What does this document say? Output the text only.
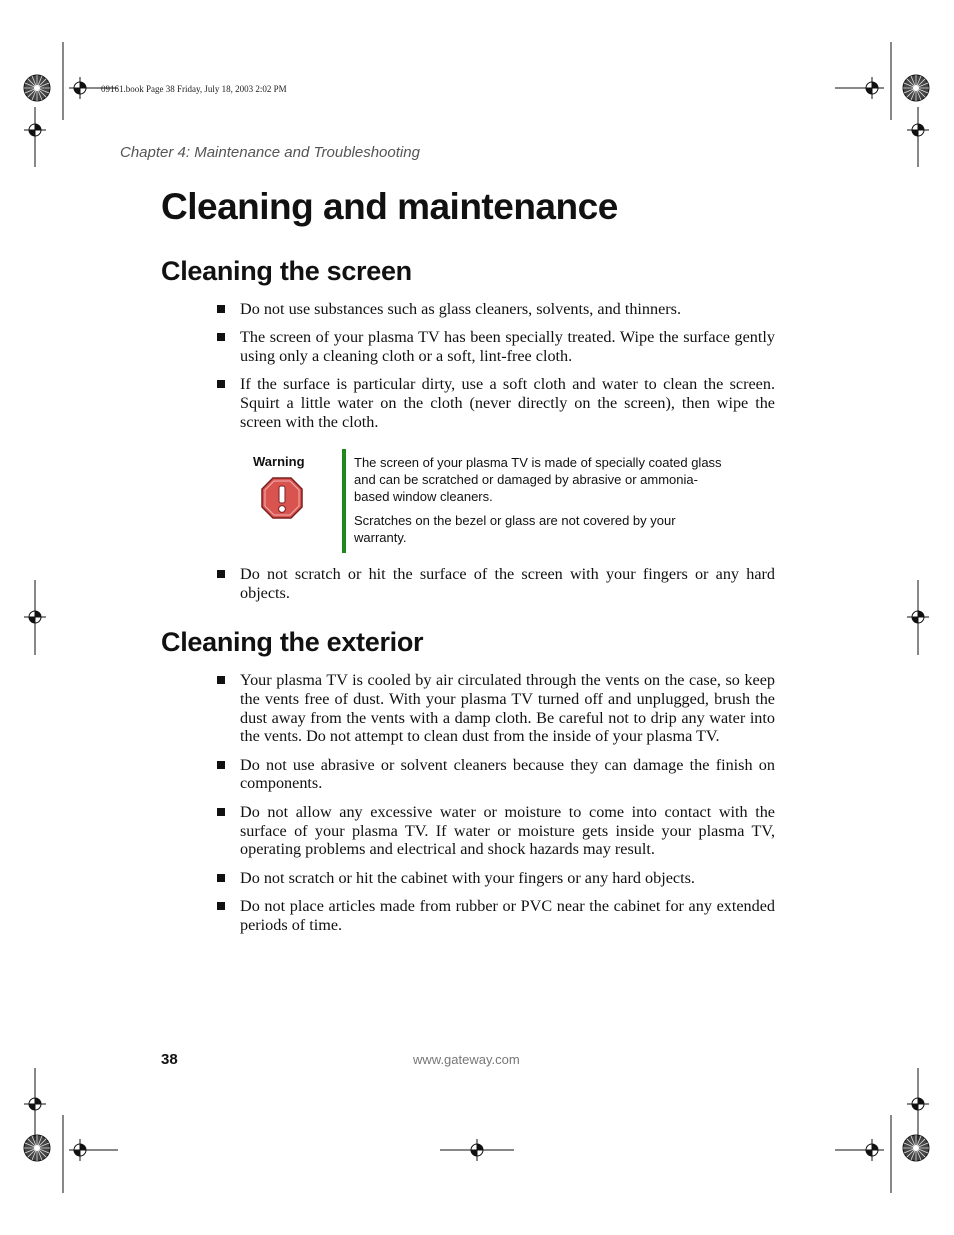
09161.book Page 38 Friday, July 18, 2003 2:02 PM
Chapter 4: Maintenance and Troubleshooting
Cleaning and maintenance
Cleaning the screen
Do not use substances such as glass cleaners, solvents, and thinners.
The screen of your plasma TV has been specially treated. Wipe the surface gently using only a cleaning cloth or a soft, lint-free cloth.
If the surface is particular dirty, use a soft cloth and water to clean the screen. Squirt a little water on the cloth (never directly on the screen), then wipe the screen with the cloth.
Warning	The screen of your plasma TV is made of specially coated glass and can be scratched or damaged by abrasive or ammonia-based window cleaners.

Scratches on the bezel or glass are not covered by your warranty.

Do not scratch or hit the surface of the screen with your fingers or any hard objects.
Cleaning the exterior
Your plasma TV is cooled by air circulated through the vents on the case, so keep the vents free of dust. With your plasma TV turned off and unplugged, brush the dust away from the vents with a damp cloth. Be careful not to drip any water into the vents. Do not attempt to clean dust from the inside of your plasma TV.
Do not use abrasive or solvent cleaners because they can damage the finish on components.
Do not allow any excessive water or moisture to come into contact with the surface of your plasma TV. If water or moisture gets inside your plasma TV, operating problems and electrical and shock hazards may result.
Do not scratch or hit the cabinet with your fingers or any hard objects.
Do not place articles made from rubber or PVC near the cabinet for any extended periods of time.
38	www.gateway.com
